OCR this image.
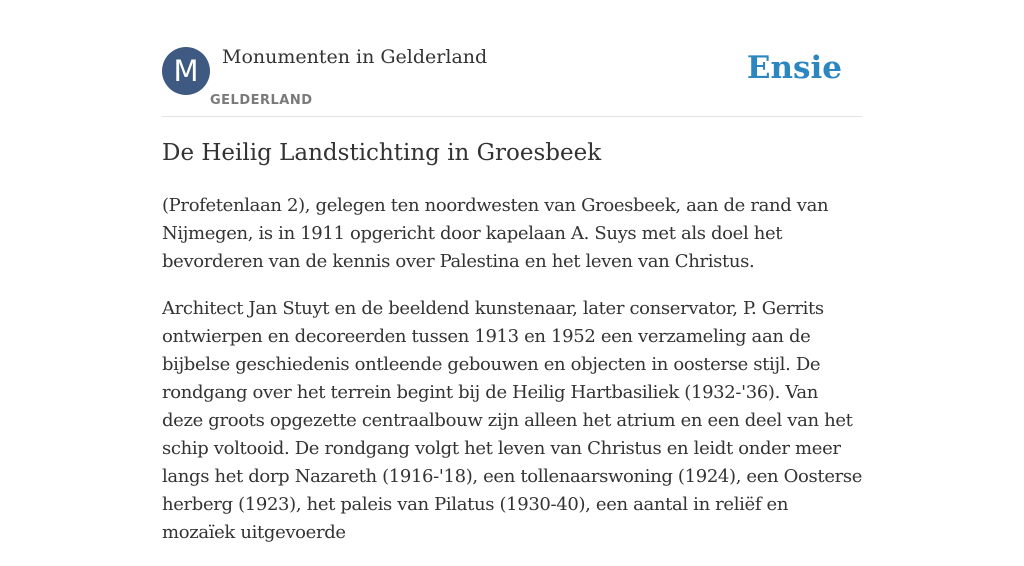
M	Monumenten in Gelderland
GELDERLAND
Ensie
De Heilig Landstichting in Groesbeek

(Profetenlaan 2), gelegen ten noordwesten van Groesbeek, aan de rand van Nijmegen, is in 1911 opgericht door kapelaan A. Suys met als doel het bevorderen van de kennis over Palestina en het leven van Christus.

Architect Jan Stuyt en de beeldend kunstenaar, later conservator, P. Gerrits ontwierpen en decoreerden tussen 1913 en 1952 een verzameling aan de bijbelse geschiedenis ontleende gebouwen en objecten in oosterse stijl. De rondgang over het terrein begint bij de Heilig Hartbasiliek (1932-'36). Van deze groots opgezette centraalbouw zijn alleen het atrium en een deel van het schip voltooid. De rondgang volgt het leven van Christus en leidt onder meer langs het dorp Nazareth (1916-'18), een tollenaarswoning (1924), een Oosterse herberg (1923), het paleis van Pilatus (1930-40), een aantal in reliëf en mozaïek uitgevoerde
